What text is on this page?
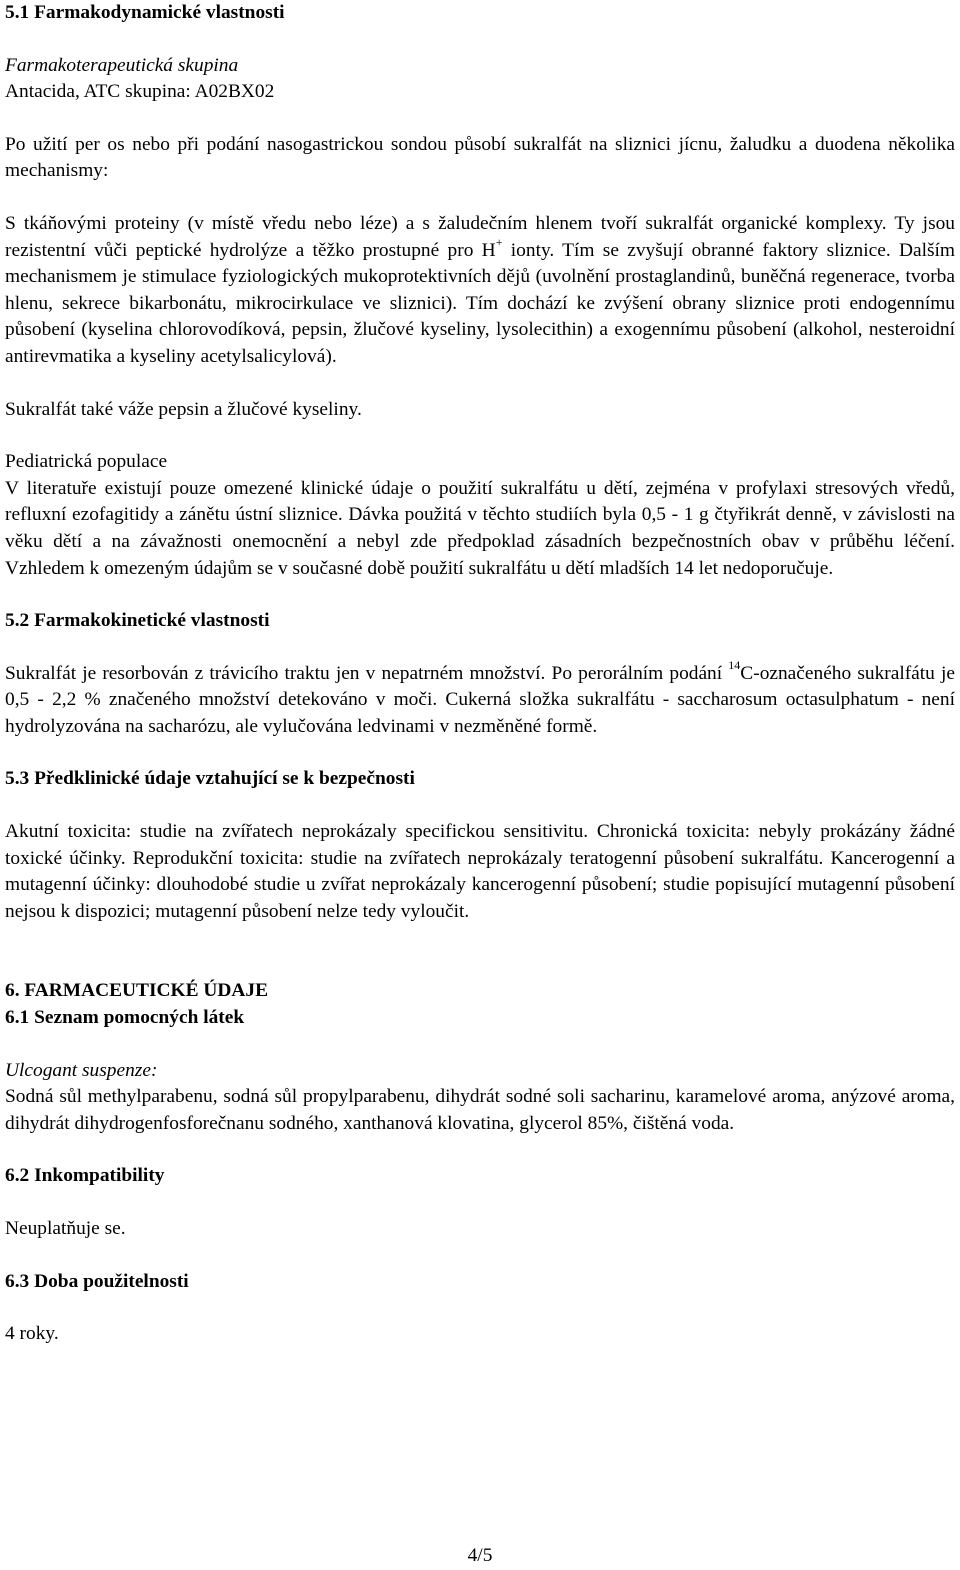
5.1 Farmakodynamické vlastnosti

Farmakoterapeutická skupina

Antacida, ATC skupina: A02BX02

Po užití per os nebo při podání nasogastrickou sondou působí sukralfát na sliznici jícnu, žaludku a duodena několika mechanismy:

S tkáňovými proteiny (v místě vředu nebo léze) a s žaludečním hlenem tvoří sukralfát organické komplexy. Ty jsou rezistentní vůči peptické hydrolýze a těžko prostupné pro H+ ionty. Tím se zvyšují obranné faktory sliznice. Dalším mechanismem je stimulace fyziologických mukoprotektivních dějů (uvolnění prostaglandinů, buněčná regenerace, tvorba hlenu, sekrece bikarbonátu, mikrocirkulace ve sliznici). Tím dochází ke zvýšení obrany sliznice proti endogennímu působení (kyselina chlorovodíková, pepsin, žlučové kyseliny, lysolecithin) a exogennímu působení (alkohol, nesteroidní antirevmatika a kyseliny acetylsalicylová).

Sukralfát také váže pepsin a žlučové kyseliny.

Pediatrická populace

V literatuře existují pouze omezené klinické údaje o použití sukralfátu u dětí, zejména v profylaxi stresových vředů, refluxní ezofagitidy a zánětu ústní sliznice. Dávka použitá v těchto studiích byla 0,5 - 1 g čtyřikrát denně, v závislosti na věku dětí a na závažnosti onemocnění a nebyl zde předpoklad zásadních bezpečnostních obav v průběhu léčení. Vzhledem k omezeným údajům se v současné době použití sukralfátu u dětí mladších 14 let nedoporučuje.

5.2 Farmakokinetické vlastnosti

Sukralfát je resorbován z trávicího traktu jen v nepatrném množství. Po perorálním podání $^{14}$C-označeného sukralfátu je 0,5 - 2,2 % značeného množství detekováno v moči. Cukerná složka sukralfátu - saccharosum octasulphatum - není hydrolyzována na sacharózu, ale vylučována ledvinami v nezměněné formě.

5.3 Předklinické údaje vztahující se k bezpečnosti

Akutní toxicita: studie na zvířatech neprokázaly specifickou sensitivitu. Chronická toxicita: nebyly prokázány žádné toxické účinky. Reprodukční toxicita: studie na zvířatech neprokázaly teratogenní působení sukralfátu. Kancerogenní a mutagenní účinky: dlouhodobé studie u zvířat neprokázaly kancerogenní působení; studie popisující mutagenní působení nejsou k dispozici; mutagenní působení nelze tedy vyloučit.

6. FARMACEUTICKÉ ÚDAJE

6.1 Seznam pomocných látek

Ulcogant suspenze:

Sodná sůl methylparabenu, sodná sůl propylparabenu, dihydrát sodné soli sacharinu, karamelové aroma, anýzové aroma, dihydrát dihydrogenfosforečnanu sodného, xanthanová klovatina, glycerol 85%, čištěná voda.

6.2 Inkompatibility

Neuplatňuje se.

6.3 Doba použitelnosti

4 roky.

4/5
